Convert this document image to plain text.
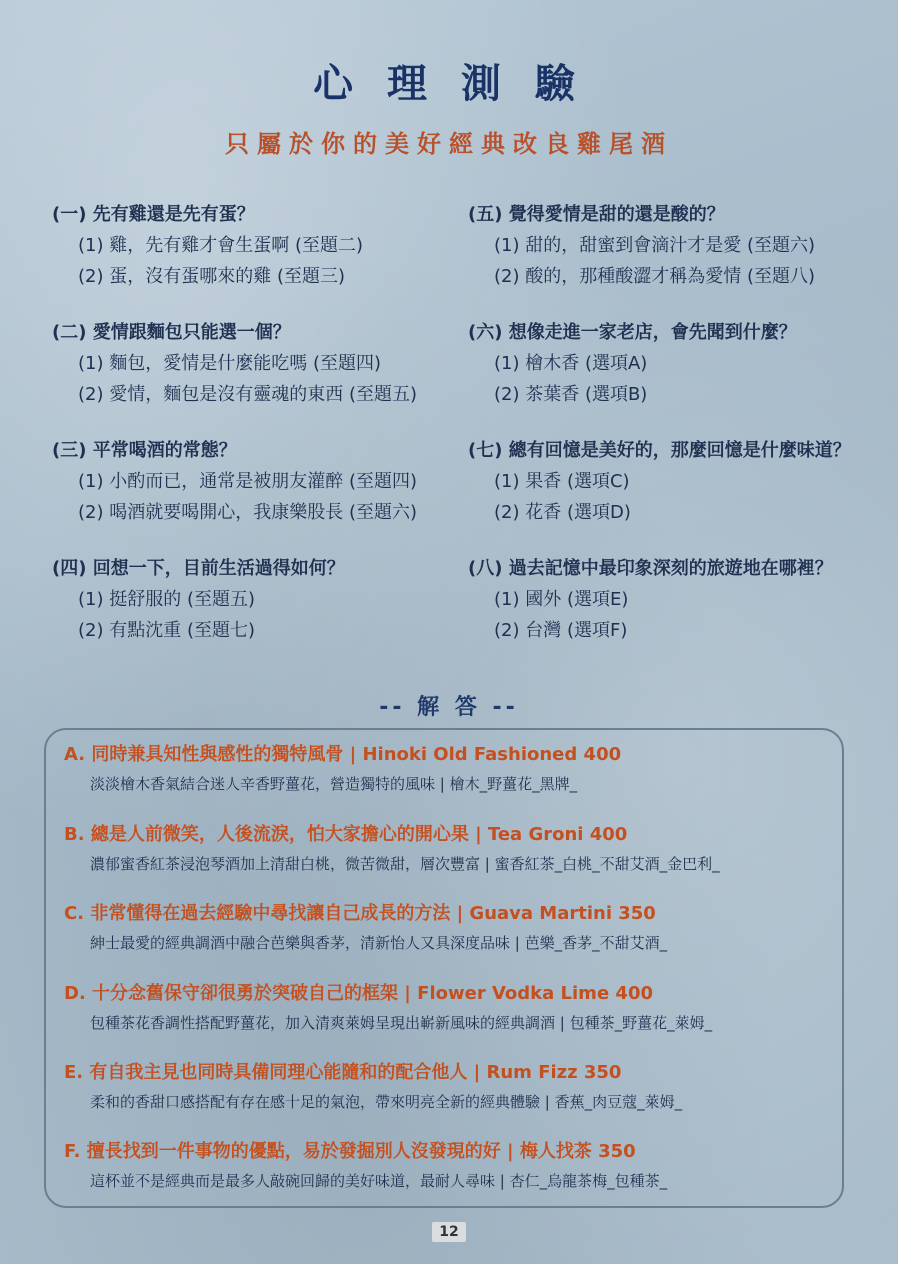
心 理 測 驗
只屬於你的美好經典改良雞尾酒
(一) 先有雞還是先有蛋？
(1) 雞，先有雞才會生蛋啊 (至題二)
(2) 蛋，沒有蛋哪來的雞 (至題三)
(二) 愛情跟麵包只能選一個？
(1) 麵包，愛情是什麼能吃嗎 (至題四)
(2) 愛情，麵包是沒有靈魂的東西 (至題五)
(三) 平常喝酒的常態？
(1) 小酌而已，通常是被朋友灌醉 (至題四)
(2) 喝酒就要喝開心，我康樂股長 (至題六)
(四) 回想一下，目前生活過得如何？
(1) 挺舒服的 (至題五)
(2) 有點沈重 (至題七)
(五) 覺得愛情是甜的還是酸的？
(1) 甜的，甜蜜到會滴汁才是愛 (至題六)
(2) 酸的，那種酸澀才稱為愛情 (至題八)
(六) 想像走進一家老店，會先聞到什麼？
(1) 檜木香 (選項A)
(2) 茶葉香 (選項B)
(七) 總有回憶是美好的，那麼回憶是什麼味道？
(1) 果香 (選項C)
(2) 花香 (選項D)
(八) 過去記憶中最印象深刻的旅遊地在哪裡？
(1) 國外 (選項E)
(2) 台灣 (選項F)
-- 解 答 --
A. 同時兼具知性與感性的獨特風骨 | Hinoki Old Fashioned 400
淡淡檜木香氣結合迷人辛香野薑花，營造獨特的風味 | 檜木_野薑花_黑牌_
B. 總是人前微笑，人後流淚，怕大家擔心的開心果 | Tea Groni 400
濃郁蜜香紅茶浸泡琴酒加上清甜白桃，微苦微甜，層次豐富 | 蜜香紅茶_白桃_不甜艾酒_金巴利_
C. 非常懂得在過去經驗中尋找讓自己成長的方法 | Guava Martini 350
紳士最愛的經典調酒中融合芭樂與香茅，清新怡人又具深度品味 | 芭樂_香茅_不甜艾酒_
D. 十分念舊保守卻很勇於突破自己的框架 | Flower Vodka Lime 400
包種茶花香調性搭配野薑花，加入清爽萊姆呈現出嶄新風味的經典調酒 | 包種茶_野薑花_萊姆_
E. 有自我主見也同時具備同理心能隨和的配合他人 | Rum Fizz 350
柔和的香甜口感搭配有存在感十足的氣泡，帶來明亮全新的經典體驗 | 香蕉_肉豆蔻_萊姆_
F. 擅長找到一件事物的優點，易於發掘別人沒發現的好 | 梅人找茶 350
這杯並不是經典而是最多人敲碗回歸的美好味道，最耐人尋味 | 杏仁_烏龍茶梅_包種茶_
12
